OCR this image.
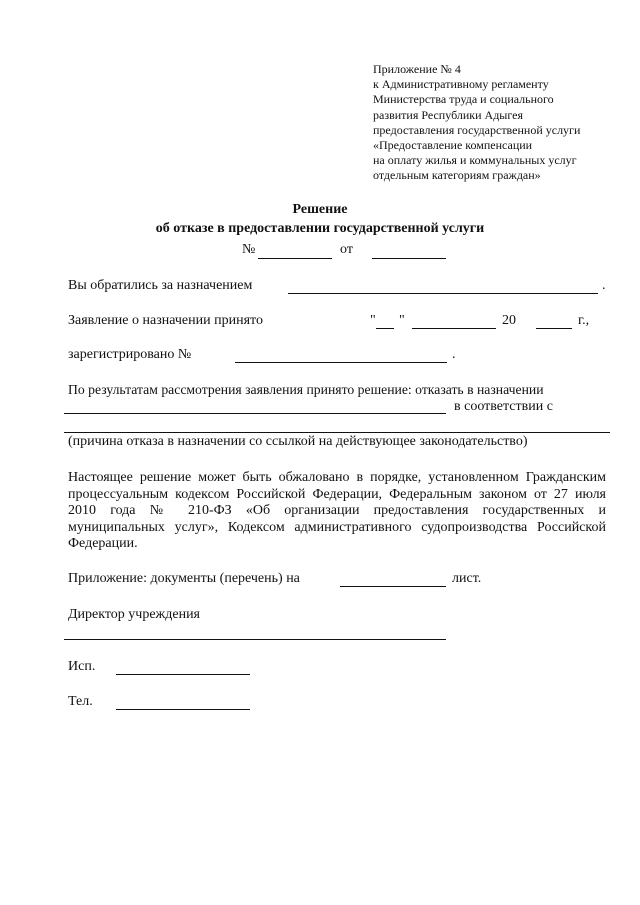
Приложение № 4
к Административному регламенту
Министерства труда и социального
развития Республики Адыгея
предоставления государственной услуги
«Предоставление компенсации
на оплату жилья и коммунальных услуг
отдельным категориям граждан»
Решение
об отказе в предоставлении государственной услуги
№	от
Вы обратились за назначением	.
Заявление о назначении принято	" "	20	г.,
зарегистрировано №	.
По результатам рассмотрения заявления принято решение: отказать в назначении
в соответствии с
(причина отказа в назначении со ссылкой на действующее законодательство)
Настоящее решение может быть обжаловано в порядке, установленном Гражданским процессуальным кодексом Российской Федерации, Федеральным законом от 27 июля 2010 года № 210-ФЗ «Об организации предоставления государственных и муниципальных услуг», Кодексом административного судопроизводства Российской Федерации.
Приложение: документы (перечень) на	лист.
Директор учреждения
Исп.
Тел.
